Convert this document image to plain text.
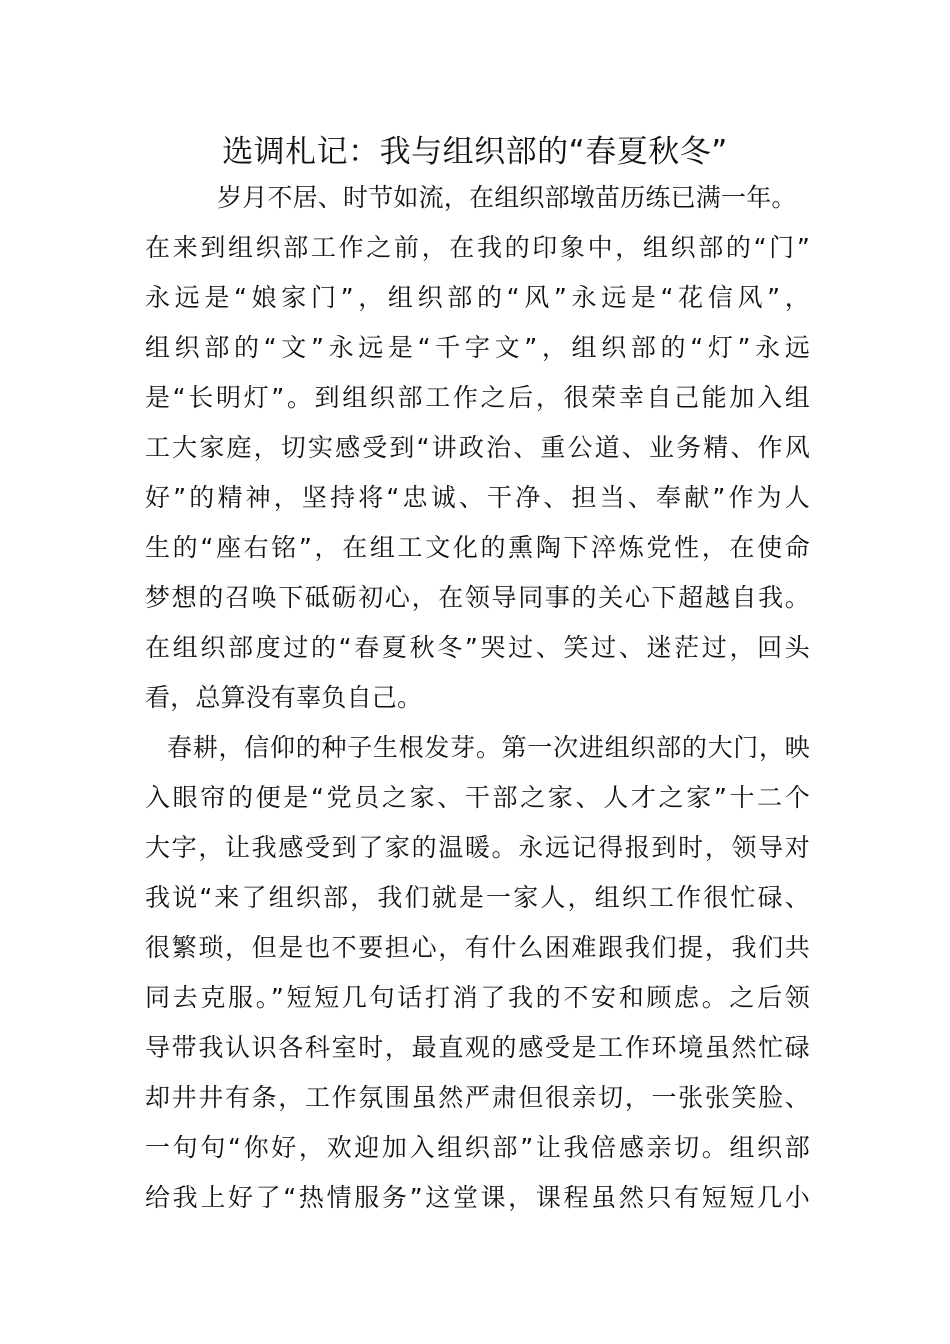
选调札记：我与组织部的“春夏秋冬”
岁月不居、时节如流，在组织部墩苗历练已满一年。
在来到组织部工作之前，在我的印象中，组织部的“门”
永远是“娘家门”，组织部的“风”永远是“花信风”，
组织部的“文”永远是“千字文”，组织部的“灯”永远
是“长明灯”。到组织部工作之后，很荣幸自己能加入组
工大家庭，切实感受到“讲政治、重公道、业务精、作风
好”的精神，坚持将“忠诚、干净、担当、奉献”作为人
生的“座右铭”，在组工文化的熏陶下淬炼党性，在使命
梦想的召唤下砥砺初心，在领导同事的关心下超越自我。
在组织部度过的“春夏秋冬”哭过、笑过、迷茫过，回头
看，总算没有辜负自己。
春耕，信仰的种子生根发芽。第一次进组织部的大门，映
入眼帘的便是“党员之家、干部之家、人才之家”十二个
大字，让我感受到了家的温暖。永远记得报到时，领导对
我说“来了组织部，我们就是一家人，组织工作很忙碌、
很繁琐，但是也不要担心，有什么困难跟我们提，我们共
同去克服。”短短几句话打消了我的不安和顾虑。之后领
导带我认识各科室时，最直观的感受是工作环境虽然忙碌
却井井有条，工作氛围虽然严肃但很亲切，一张张笑脸、
一句句“你好，欢迎加入组织部”让我倍感亲切。组织部
给我上好了“热情服务”这堂课，课程虽然只有短短几小
